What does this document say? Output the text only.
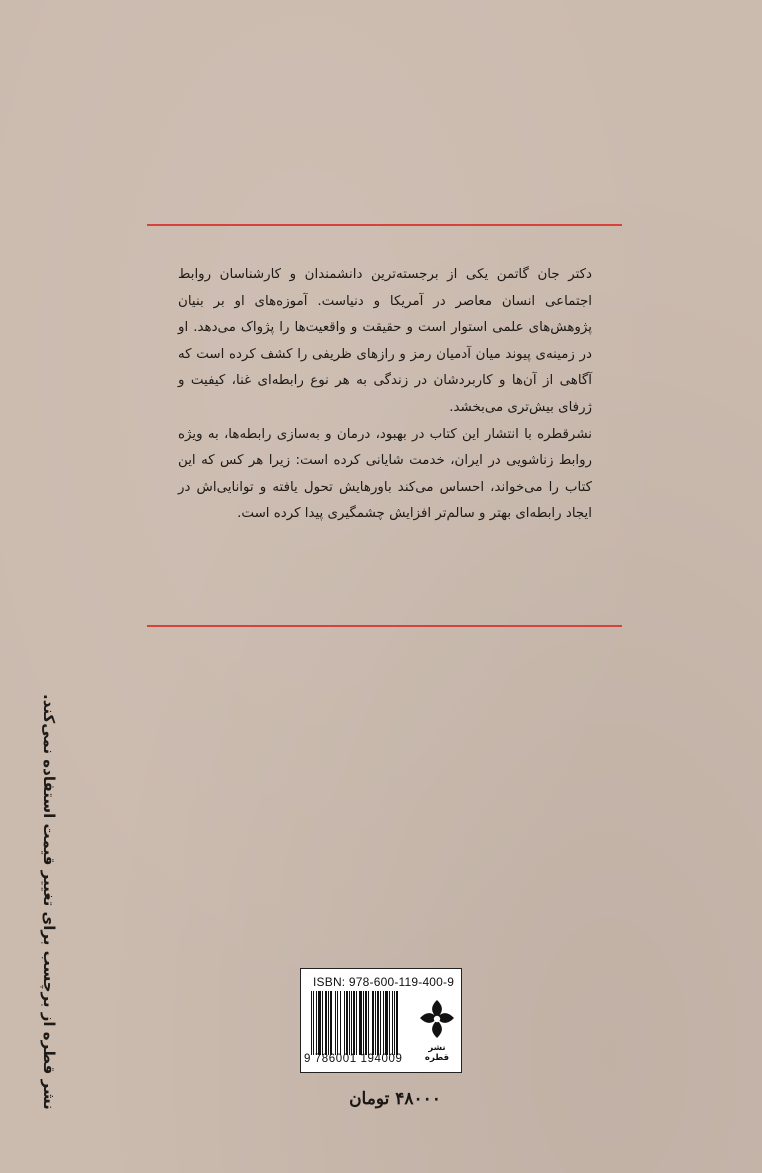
دکتر جان گاتمن یکی از برجسته‌ترین دانشمندان و کارشناسان روابط اجتماعی انسان معاصر در آمریکا و دنیاست. آموزه‌های او بر بنیان پژوهش‌های علمی استوار است و حقیقت و واقعیت‌ها را پژواک می‌دهد. او در زمینه‌ی پیوند میان آدمیان رمز و رازهای ظریفی را کشف کرده است که آگاهی از آن‌ها و کاربردشان در زندگی به هر نوع رابطه‌ای غنا، کیفیت و ژرفای بیش‌تری می‌بخشد.

نشرقطره با انتشار این کتاب در بهبود، درمان و به‌سازی رابطه‌ها، به ویژه روابط زناشویی در ایران، خدمت شایانی کرده است: زیرا هر کس که این کتاب را می‌خواند، احساس می‌کند باورهایش تحول یافته و توانایی‌اش در ایجاد رابطه‌ای بهتر و سالم‌تر افزایش چشمگیری پیدا کرده است.

نشر قطره از برچسب برای تغییر قیمت استفاده نمی‌کند.	ISBN: 978-600-119-400-9
9 786001 194009
نشر قطره
۴۸۰۰۰ تومان
